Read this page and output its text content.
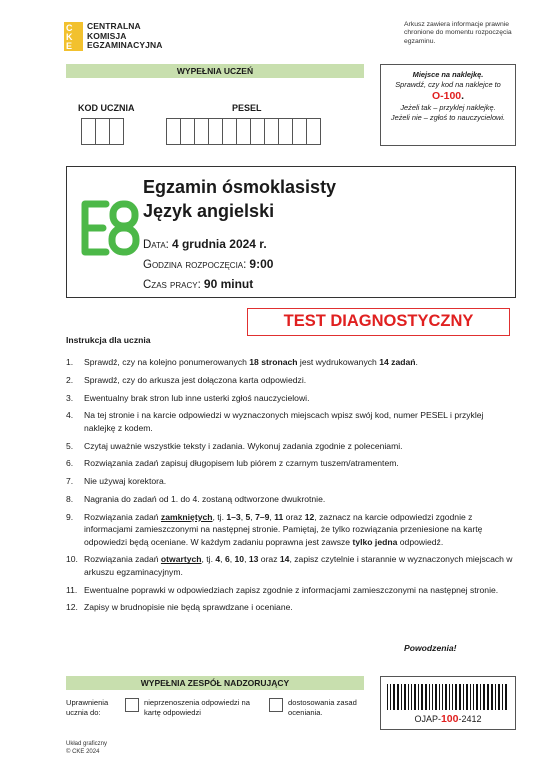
C
K
E
CENTRALNA
KOMISJA
EGZAMINACYJNA
Arkusz zawiera informacje prawnie chronione do momentu rozpoczęcia egzaminu.
WYPEŁNIA UCZEŃ	Miejsce na naklejkę.
Sprawdź, czy kod na naklejce to
O-100.
Jeżeli tak – przyklej naklejkę.
Jeżeli nie – zgłoś to nauczycielowi.
KOD UCZNIA	PESEL
Egzamin ósmoklasisty
Język angielski
Data: 4 grudnia 2024 r.
Godzina rozpoczęcia: 9:00
Czas pracy: 90 minut
TEST DIAGNOSTYCZNY
Instrukcja dla ucznia
1.	Sprawdź, czy na kolejno ponumerowanych 18 stronach jest wydrukowanych 14 zadań.
2.	Sprawdź, czy do arkusza jest dołączona karta odpowiedzi.
3.	Ewentualny brak stron lub inne usterki zgłoś nauczycielowi.
4.	Na tej stronie i na karcie odpowiedzi w wyznaczonych miejscach wpisz swój kod, numer PESEL i przyklej naklejkę z kodem.
5.	Czytaj uważnie wszystkie teksty i zadania. Wykonuj zadania zgodnie z poleceniami.
6.	Rozwiązania zadań zapisuj długopisem lub piórem z czarnym tuszem/atramentem.
7.	Nie używaj korektora.
8.	Nagrania do zadań od 1. do 4. zostaną odtworzone dwukrotnie.
9.	Rozwiązania zadań zamkniętych, tj. 1–3, 5, 7–9, 11 oraz 12, zaznacz na karcie odpowiedzi zgodnie z informacjami zamieszczonymi na następnej stronie. Pamiętaj, że tylko rozwiązania przeniesione na kartę odpowiedzi będą oceniane. W każdym zadaniu poprawna jest zawsze tylko jedna odpowiedź.
10. Rozwiązania zadań otwartych, tj. 4, 6, 10, 13 oraz 14, zapisz czytelnie i starannie w wyznaczonych miejscach w arkuszu egzaminacyjnym.
11. Ewentualne poprawki w odpowiedziach zapisz zgodnie z informacjami zamieszczonymi na następnej stronie.
12. Zapisy w brudnopisie nie będą sprawdzane i oceniane.
Powodzenia!
WYPEŁNIA ZESPÓŁ NADZORUJĄCY
Uprawnienia ucznia do:
nieprzenoszenia odpowiedzi na kartę odpowiedzi
dostosowania zasad oceniania.
OJAP-100-2412
Układ graficzny
© CKE 2024
